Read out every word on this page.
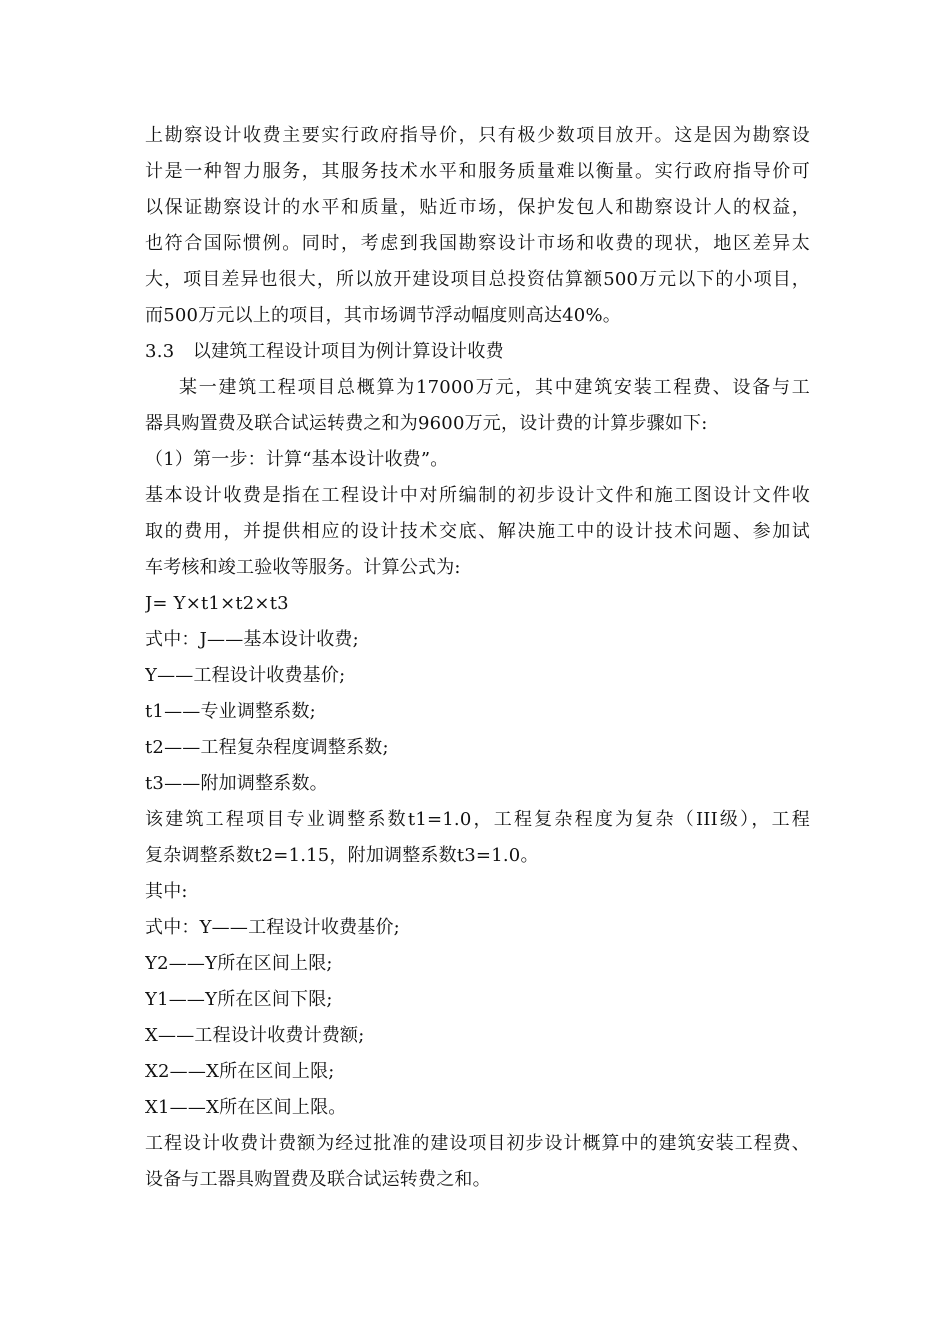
上勘察设计收费主要实行政府指导价，只有极少数项目放开。这是因为勘察设
计是一种智力服务，其服务技术水平和服务质量难以衡量。实行政府指导价可
以保证勘察设计的水平和质量，贴近市场，保护发包人和勘察设计人的权益，
也符合国际惯例。同时，考虑到我国勘察设计市场和收费的现状，地区差异太
大，项目差异也很大，所以放开建设项目总投资估算额500万元以下的小项目，
而500万元以上的项目，其市场调节浮动幅度则高达40%。
3.3　以建筑工程设计项目为例计算设计收费
某一建筑工程项目总概算为17000万元，其中建筑安装工程费、设备与工
器具购置费及联合试运转费之和为9600万元，设计费的计算步骤如下:
（1）第一步：计算“基本设计收费”。
基本设计收费是指在工程设计中对所编制的初步设计文件和施工图设计文件收
取的费用，并提供相应的设计技术交底、解决施工中的设计技术问题、参加试
车考核和竣工验收等服务。计算公式为:
J= Y×t1×t2×t3
式中：J——基本设计收费;
Y——工程设计收费基价;
t1——专业调整系数;
t2——工程复杂程度调整系数;
t3——附加调整系数。
该建筑工程项目专业调整系数t1=1.0，工程复杂程度为复杂（III级），工程
复杂调整系数t2=1.15，附加调整系数t3=1.0。
其中:
式中：Y——工程设计收费基价;
Y2——Y所在区间上限;
Y1——Y所在区间下限;
X——工程设计收费计费额;
X2——X所在区间上限;
X1——X所在区间上限。
工程设计收费计费额为经过批准的建设项目初步设计概算中的建筑安装工程费、
设备与工器具购置费及联合试运转费之和。
